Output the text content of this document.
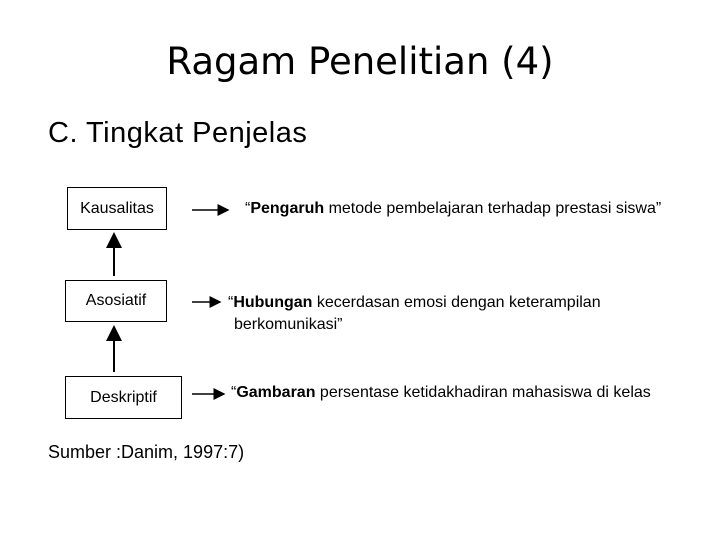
Ragam Penelitian (4)
C. Tingkat Penjelas
Kausalitas
Asosiatif
Deskriptif
“Pengaruh metode pembelajaran terhadap prestasi siswa”
“Hubungan kecerdasan emosi dengan keterampilan
berkomunikasi”
“Gambaran persentase ketidakhadiran mahasiswa di kelas
Sumber :Danim, 1997:7)
